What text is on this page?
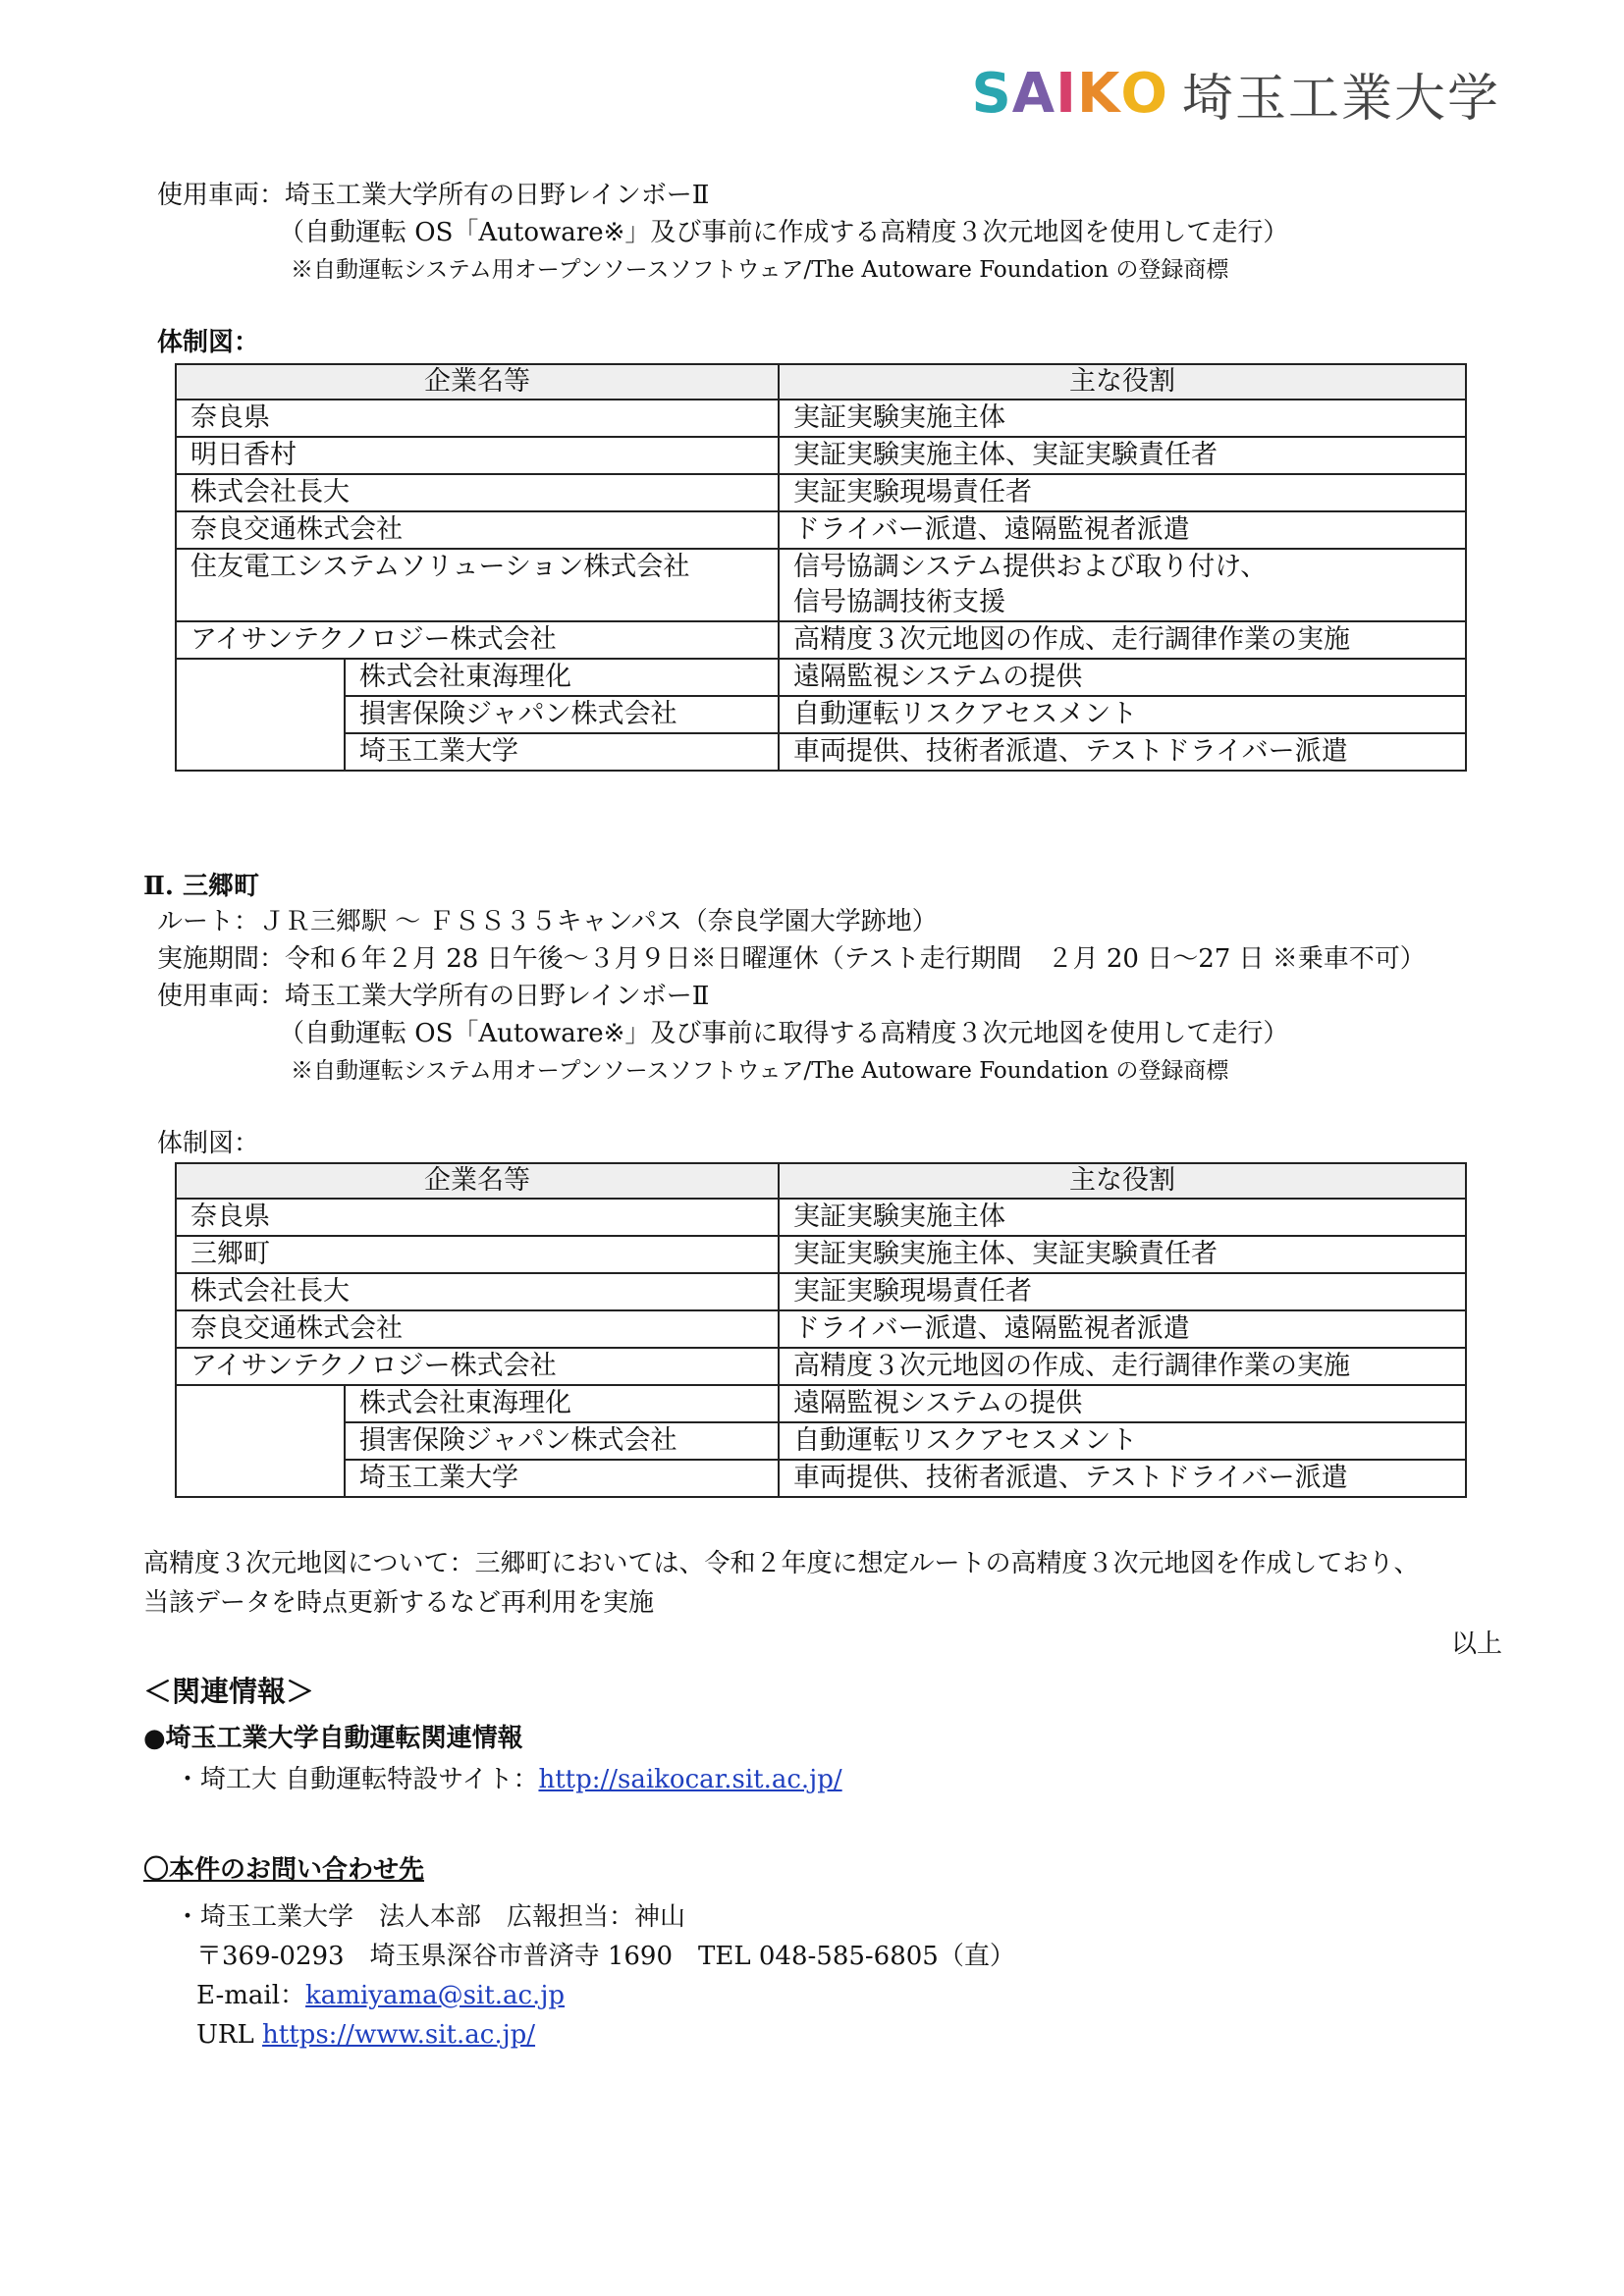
S A I K O 埼玉工業大学
使用車両：埼玉工業大学所有の日野レインボーⅡ
（自動運転 OS「Autoware※」及び事前に作成する高精度３次元地図を使用して走行）
※自動運転システム用オープンソースソフトウェア/The Autoware Foundation の登録商標
体制図：
企業名等		主な役割
奈良県		実証実験実施主体
明日香村		実証実験実施主体、実証実験責任者
株式会社長大		実証実験現場責任者
奈良交通株式会社		ドライバー派遣、遠隔監視者派遣
住友電工システムソリューション株式会社		信号協調システム提供および取り付け、
信号協調技術支援
アイサンテクノロジー株式会社		高精度３次元地図の作成、走行調律作業の実施
	株式会社東海理化	遠隔監視システムの提供
	損害保険ジャパン株式会社	自動運転リスクアセスメント
	埼玉工業大学	車両提供、技術者派遣、テストドライバー派遣
Ⅱ. 三郷町
ルート：ＪＲ三郷駅 ～ ＦＳＳ３５キャンパス（奈良学園大学跡地）
実施期間：令和６年２月 28 日午後～３月９日※日曜運休（テスト走行期間　２月 20 日～27 日 ※乗車不可）
使用車両：埼玉工業大学所有の日野レインボーⅡ
（自動運転 OS「Autoware※」及び事前に取得する高精度３次元地図を使用して走行）
※自動運転システム用オープンソースソフトウェア/The Autoware Foundation の登録商標
体制図：
企業名等		主な役割
奈良県		実証実験実施主体
三郷町		実証実験実施主体、実証実験責任者
株式会社長大		実証実験現場責任者
奈良交通株式会社		ドライバー派遣、遠隔監視者派遣
アイサンテクノロジー株式会社		高精度３次元地図の作成、走行調律作業の実施
	株式会社東海理化	遠隔監視システムの提供
	損害保険ジャパン株式会社	自動運転リスクアセスメント
	埼玉工業大学	車両提供、技術者派遣、テストドライバー派遣
高精度３次元地図について：三郷町においては、令和２年度に想定ルートの高精度３次元地図を作成しており、
当該データを時点更新するなど再利用を実施
以上
＜関連情報＞
●埼玉工業大学自動運転関連情報
・埼工大 自動運転特設サイト：http://saikocar.sit.ac.jp/
〇本件のお問い合わせ先
・埼玉工業大学　法人本部　広報担当：神山
〒369-0293　埼玉県深谷市普済寺 1690　TEL 048-585-6805（直）
E-mail：kamiyama@sit.ac.jp
URL https://www.sit.ac.jp/
